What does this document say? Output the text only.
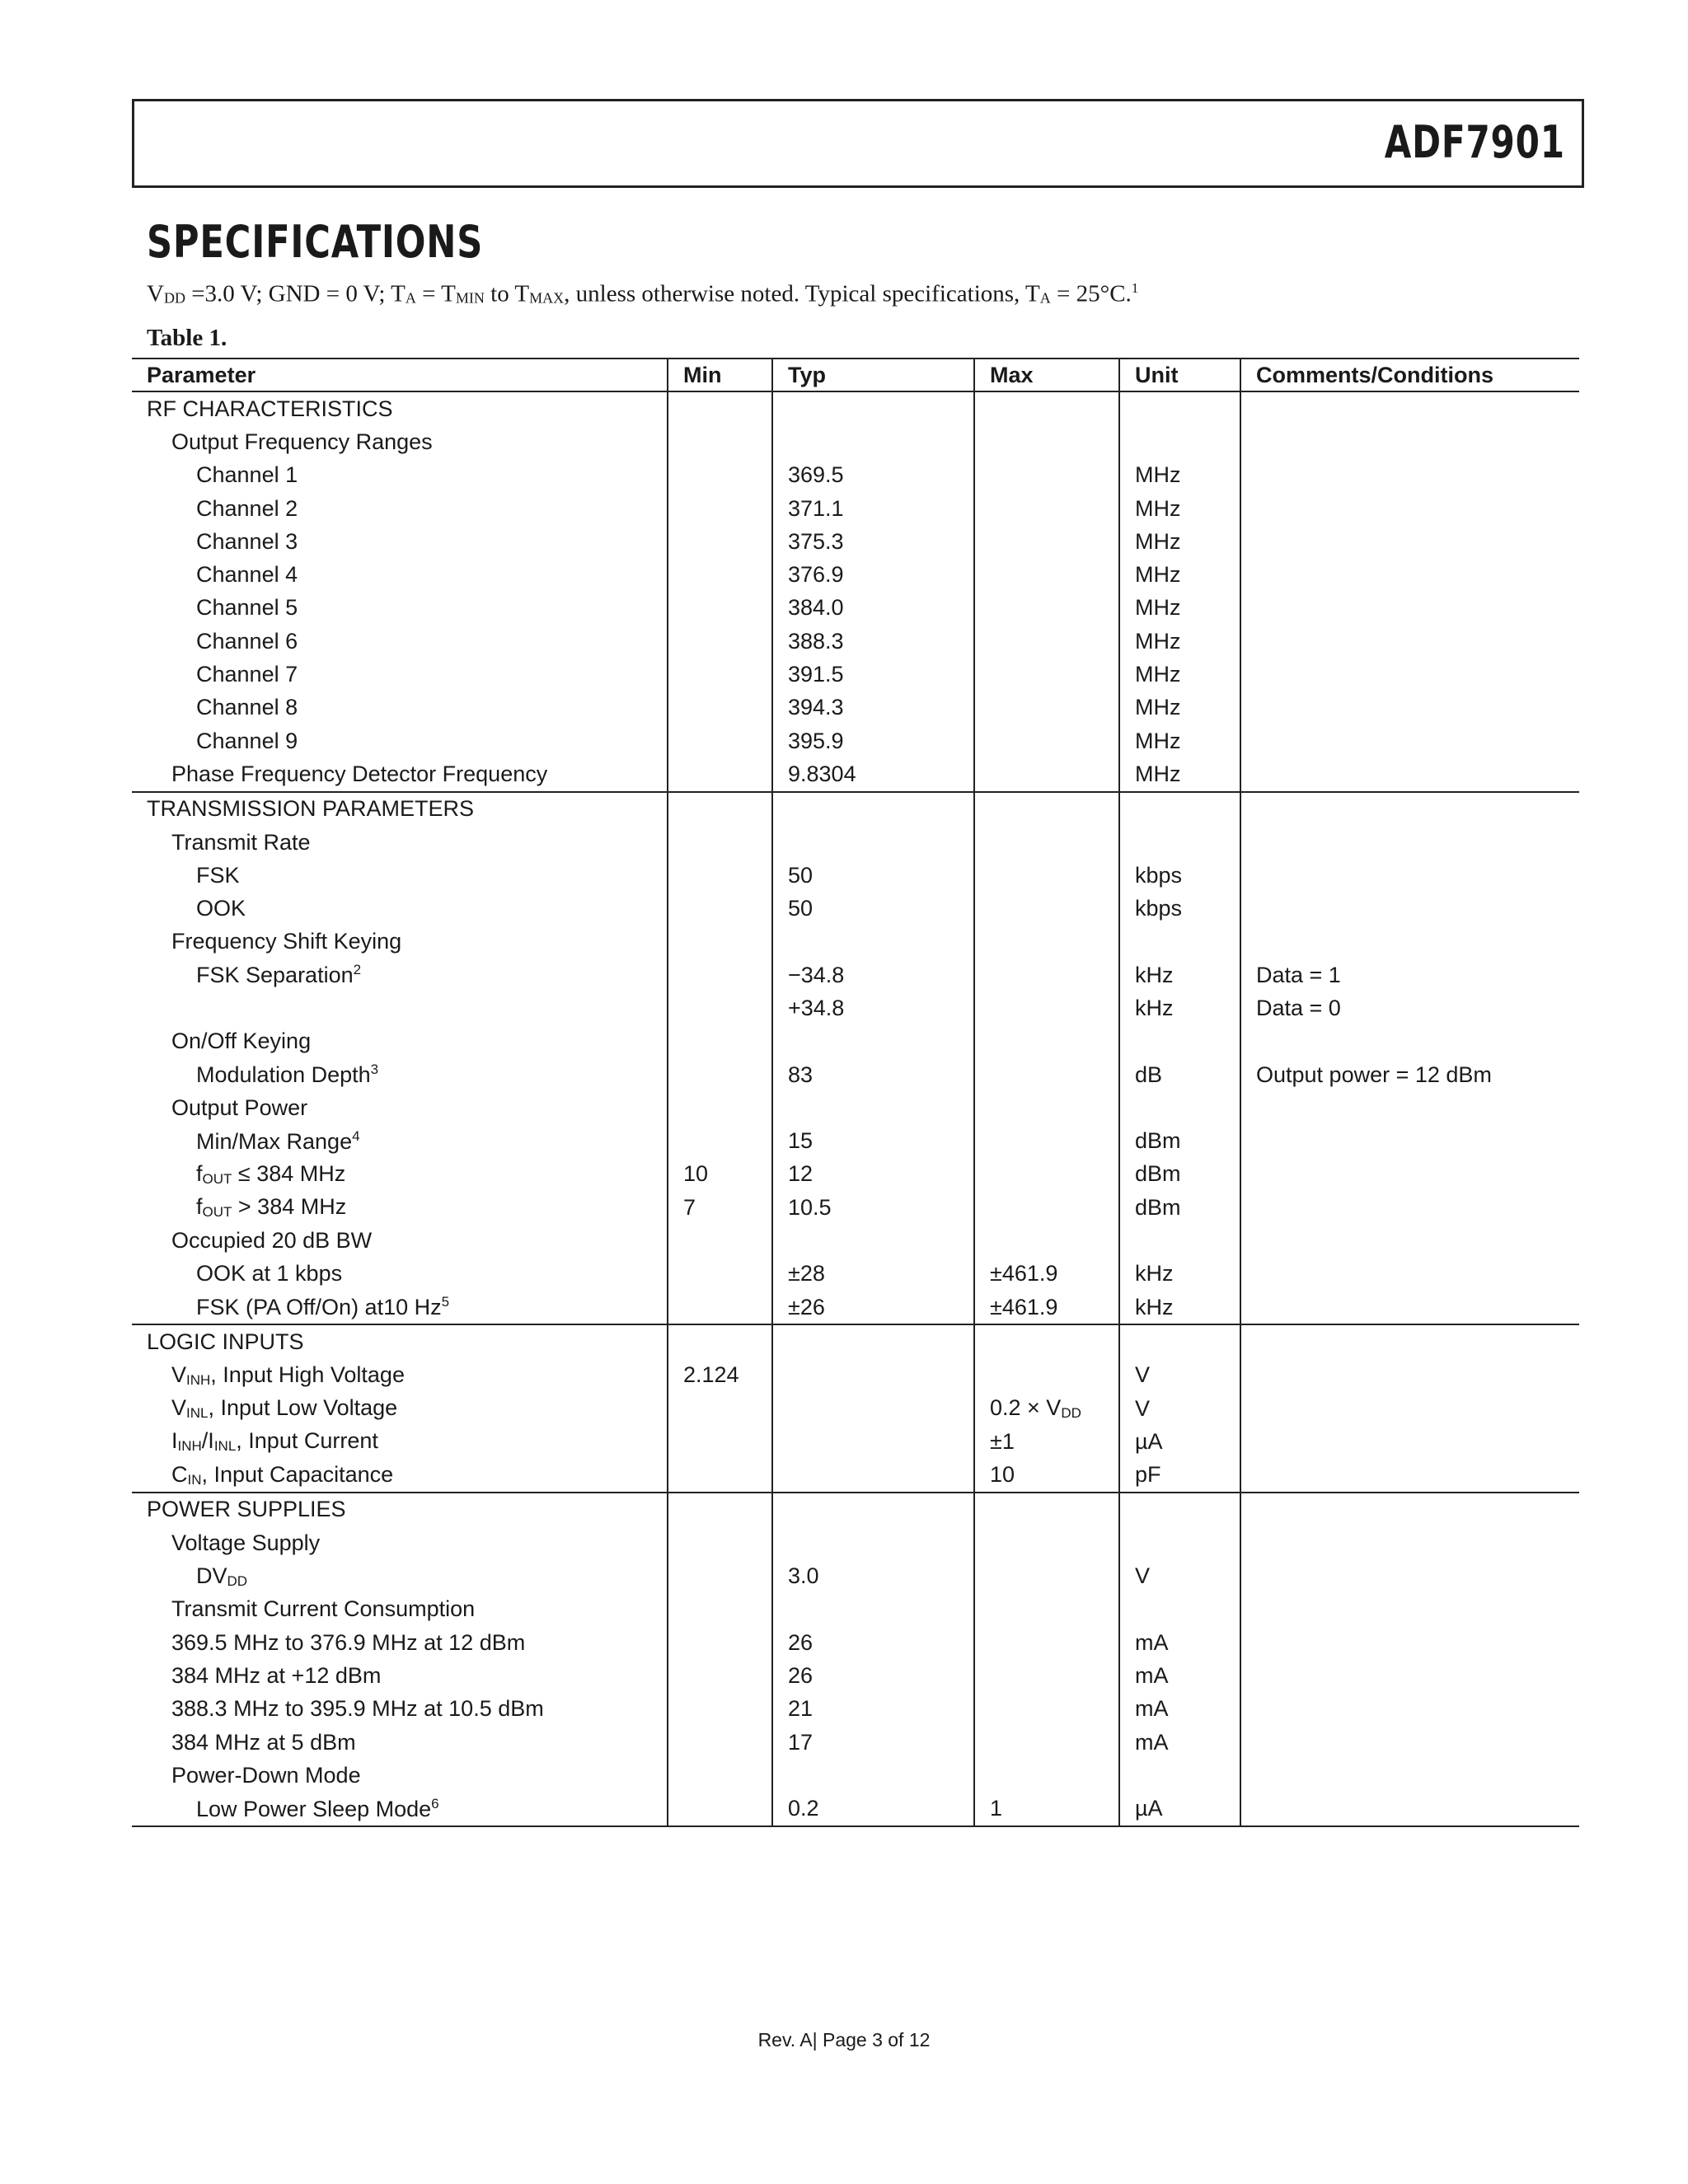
ADF7901
SPECIFICATIONS
$V_{DD} =3.0$ V; GND = 0 V; $T_A = T_{MIN}$ to $T_{MAX}$, unless otherwise noted. Typical specifications, $T_A = 25^\circ C.^1$
Table 1.
Parameter	Min	Typ	Max	Unit	Comments/Conditions
RF CHARACTERISTICS					
Output Frequency Ranges					
Channel 1		369.5		MHz	
Channel 2		371.1		MHz	
Channel 3		375.3		MHz	
Channel 4		376.9		MHz	
Channel 5		384.0		MHz	
Channel 6		388.3		MHz	
Channel 7		391.5		MHz	
Channel 8		394.3		MHz	
Channel 9		395.9		MHz	
Phase Frequency Detector Frequency		9.8304		MHz	
TRANSMISSION PARAMETERS					
Transmit Rate					
FSK		50		kbps	
OOK		50		kbps	
Frequency Shift Keying					
FSK Separation$^2$		−34.8		kHz	Data = 1
		+34.8		kHz	Data = 0
On/Off Keying					
Modulation Depth$^3$		83		dB	Output power = 12 dBm
Output Power					
Min/Max Range$^4$		15		dBm	
fOUT ≤ 384 MHz	10	12		dBm	
fOUT > 384 MHz	7	10.5		dBm	
Occupied 20 dB BW					
OOK at 1 kbps		±28	±461.9	kHz	
FSK (PA Off/On) at10 Hz$^5$		±26	±461.9	kHz	
LOGIC INPUTS					
VINH, Input High Voltage	2.124			V	
VINL, Input Low Voltage			0.2 × VDD	V	
IINH/IINL, Input Current			±1	µA	
CIN, Input Capacitance			10	pF	
POWER SUPPLIES					
Voltage Supply					
DVDD		3.0		V	
Transmit Current Consumption					
369.5 MHz to 376.9 MHz at 12 dBm		26		mA	
384 MHz at +12 dBm		26		mA	
388.3 MHz to 395.9 MHz at 10.5 dBm		21		mA	
384 MHz at 5 dBm		17		mA	
Power-Down Mode					
Low Power Sleep Mode$^6$		0.2	1	µA	
Rev. A| Page 3 of 12
